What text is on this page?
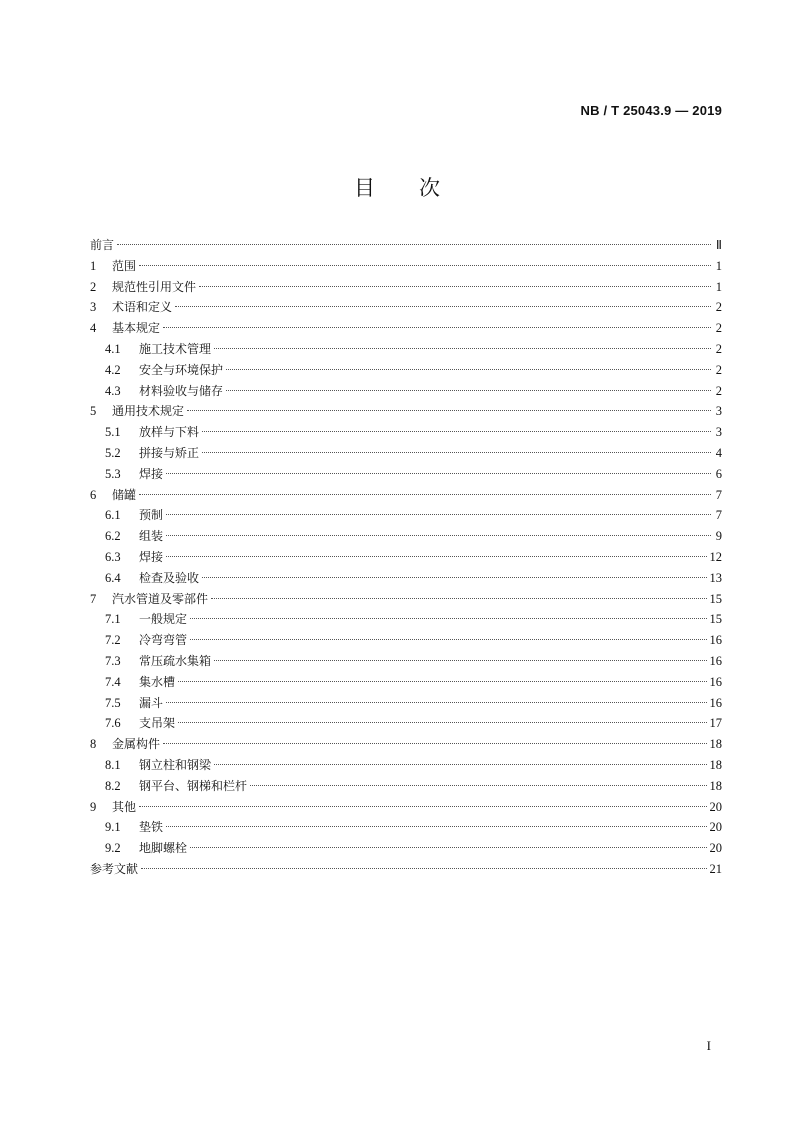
NB / T 25043.9 — 2019
目次
前言	Ⅱ
1	范围	1
2	规范性引用文件	1
3	术语和定义	2
4	基本规定	2
4.1	施工技术管理	2
4.2	安全与环境保护	2
4.3	材料验收与储存	2
5	通用技术规定	3
5.1	放样与下料	3
5.2	拼接与矫正	4
5.3	焊接	6
6	储罐	7
6.1	预制	7
6.2	组装	9
6.3	焊接	12
6.4	检查及验收	13
7	汽水管道及零部件	15
7.1	一般规定	15
7.2	冷弯弯管	16
7.3	常压疏水集箱	16
7.4	集水槽	16
7.5	漏斗	16
7.6	支吊架	17
8	金属构件	18
8.1	钢立柱和钢梁	18
8.2	钢平台、钢梯和栏杆	18
9	其他	20
9.1	垫铁	20
9.2	地脚螺栓	20
参考文献	21
I
